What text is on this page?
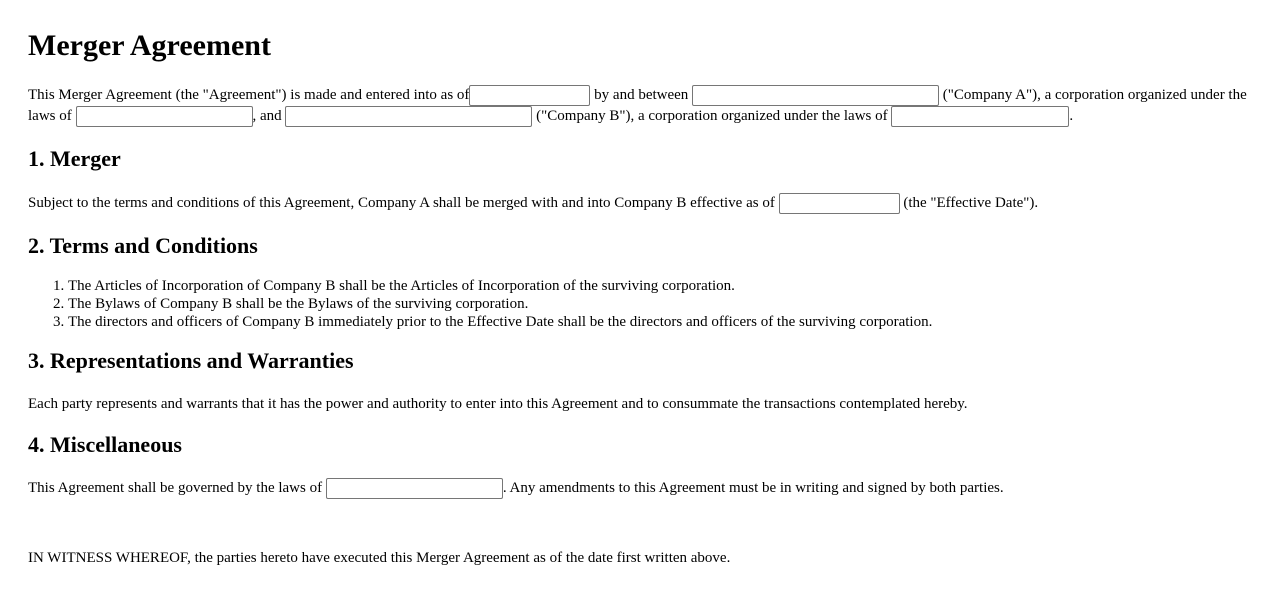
Merger Agreement

This Merger Agreement (the "Agreement") is made and entered into as of	by and between	("Company A"), a corporation organized under the laws of	, and	("Company B"), a corporation organized under the laws of	.

1. Merger

Subject to the terms and conditions of this Agreement, Company A shall be merged with and into Company B effective as of	(the "Effective Date").

2. Terms and Conditions
1. The Articles of Incorporation of Company B shall be the Articles of Incorporation of the surviving corporation.
2. The Bylaws of Company B shall be the Bylaws of the surviving corporation.
3. The directors and officers of Company B immediately prior to the Effective Date shall be the directors and officers of the surviving corporation.
3. Representations and Warranties

Each party represents and warrants that it has the power and authority to enter into this Agreement and to consummate the transactions contemplated hereby.

4. Miscellaneous

This Agreement shall be governed by the laws of	. Any amendments to this Agreement must be in writing and signed by both parties.

IN WITNESS WHEREOF, the parties hereto have executed this Merger Agreement as of the date first written above.
